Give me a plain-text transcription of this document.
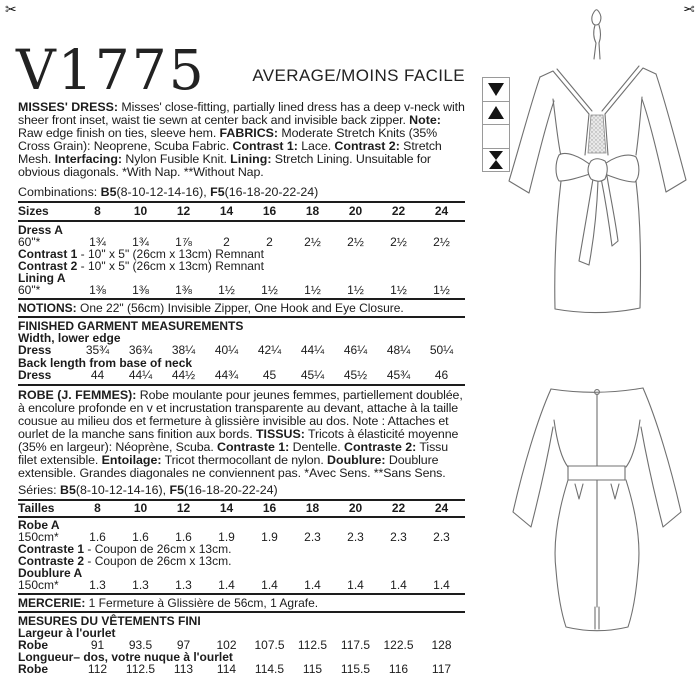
✂	✂
V1775	AVERAGE/MOINS FACILE
MISSES' DRESS: Misses' close-fitting, partially lined dress has a deep v-neck with sheer front inset, waist tie sewn at center back and invisible back zipper. Note: Raw edge finish on ties, sleeve hem. FABRICS: Moderate Stretch Knits (35% Cross Grain): Neoprene, Scuba Fabric. Contrast 1: Lace. Contrast 2: Stretch Mesh. Interfacing: Nylon Fusible Knit. Lining: Stretch Lining. Unsuitable for obvious diagonals. *With Nap. **Without Nap.
Combinations: B5(8-10-12-14-16), F5(16-18-20-22-24)
Sizes	8	10	12	14	16	18	20	22	24
Dress A
60"*	1¾	1¾	1⅞	2	2	2½	2½	2½	2½
Contrast 1 - 10" x 5" (26cm x 13cm) Remnant
Contrast 2 - 10" x 5" (26cm x 13cm) Remnant
Lining A
60"*	1⅜	1⅜	1⅜	1½	1½	1½	1½	1½	1½
NOTIONS: One 22" (56cm) Invisible Zipper, One Hook and Eye Closure.
FINISHED GARMENT MEASUREMENTS
Width, lower edge
Dress	35¾	36¾	38¼	40¼	42¼	44¼	46¼	48¼	50¼
Back length from base of neck
Dress	44	44¼	44½	44¾	45	45¼	45½	45¾	46
ROBE (J. FEMMES): Robe moulante pour jeunes femmes, partiellement doublée, à encolure profonde en v et incrustation transparente au devant, attache à la taille cousue au milieu dos et fermeture à glissière invisible au dos. Note : Attaches et ourlet de la manche sans finition aux bords. TISSUS: Tricots à élasticité moyenne (35% en largeur): Néoprène, Scuba. Contraste 1: Dentelle. Contraste 2: Tissu filet extensible. Entoilage: Tricot thermocollant de nylon. Doublure: Doublure extensible. Grandes diagonales ne conviennent pas. *Avec Sens. **Sans Sens.
Séries: B5(8-10-12-14-16), F5(16-18-20-22-24)
Tailles	8	10	12	14	16	18	20	22	24
Robe A
150cm*	1.6	1.6	1.6	1.9	1.9	2.3	2.3	2.3	2.3
Contraste 1 - Coupon de 26cm x 13cm.
Contraste 2 - Coupon de 26cm x 13cm.
Doublure A
150cm*	1.3	1.3	1.3	1.4	1.4	1.4	1.4	1.4	1.4
MERCERIE: 1 Fermeture à Glissière de 56cm, 1 Agrafe.
MESURES DU VÊTEMENTS FINI
Largeur à l'ourlet
Robe	91	93.5	97	102	107.5	112.5	117.5	122.5	128
Longueur– dos, votre nuque à l'ourlet
Robe	112	112.5	113	114	114.5	115	115.5	116	117
